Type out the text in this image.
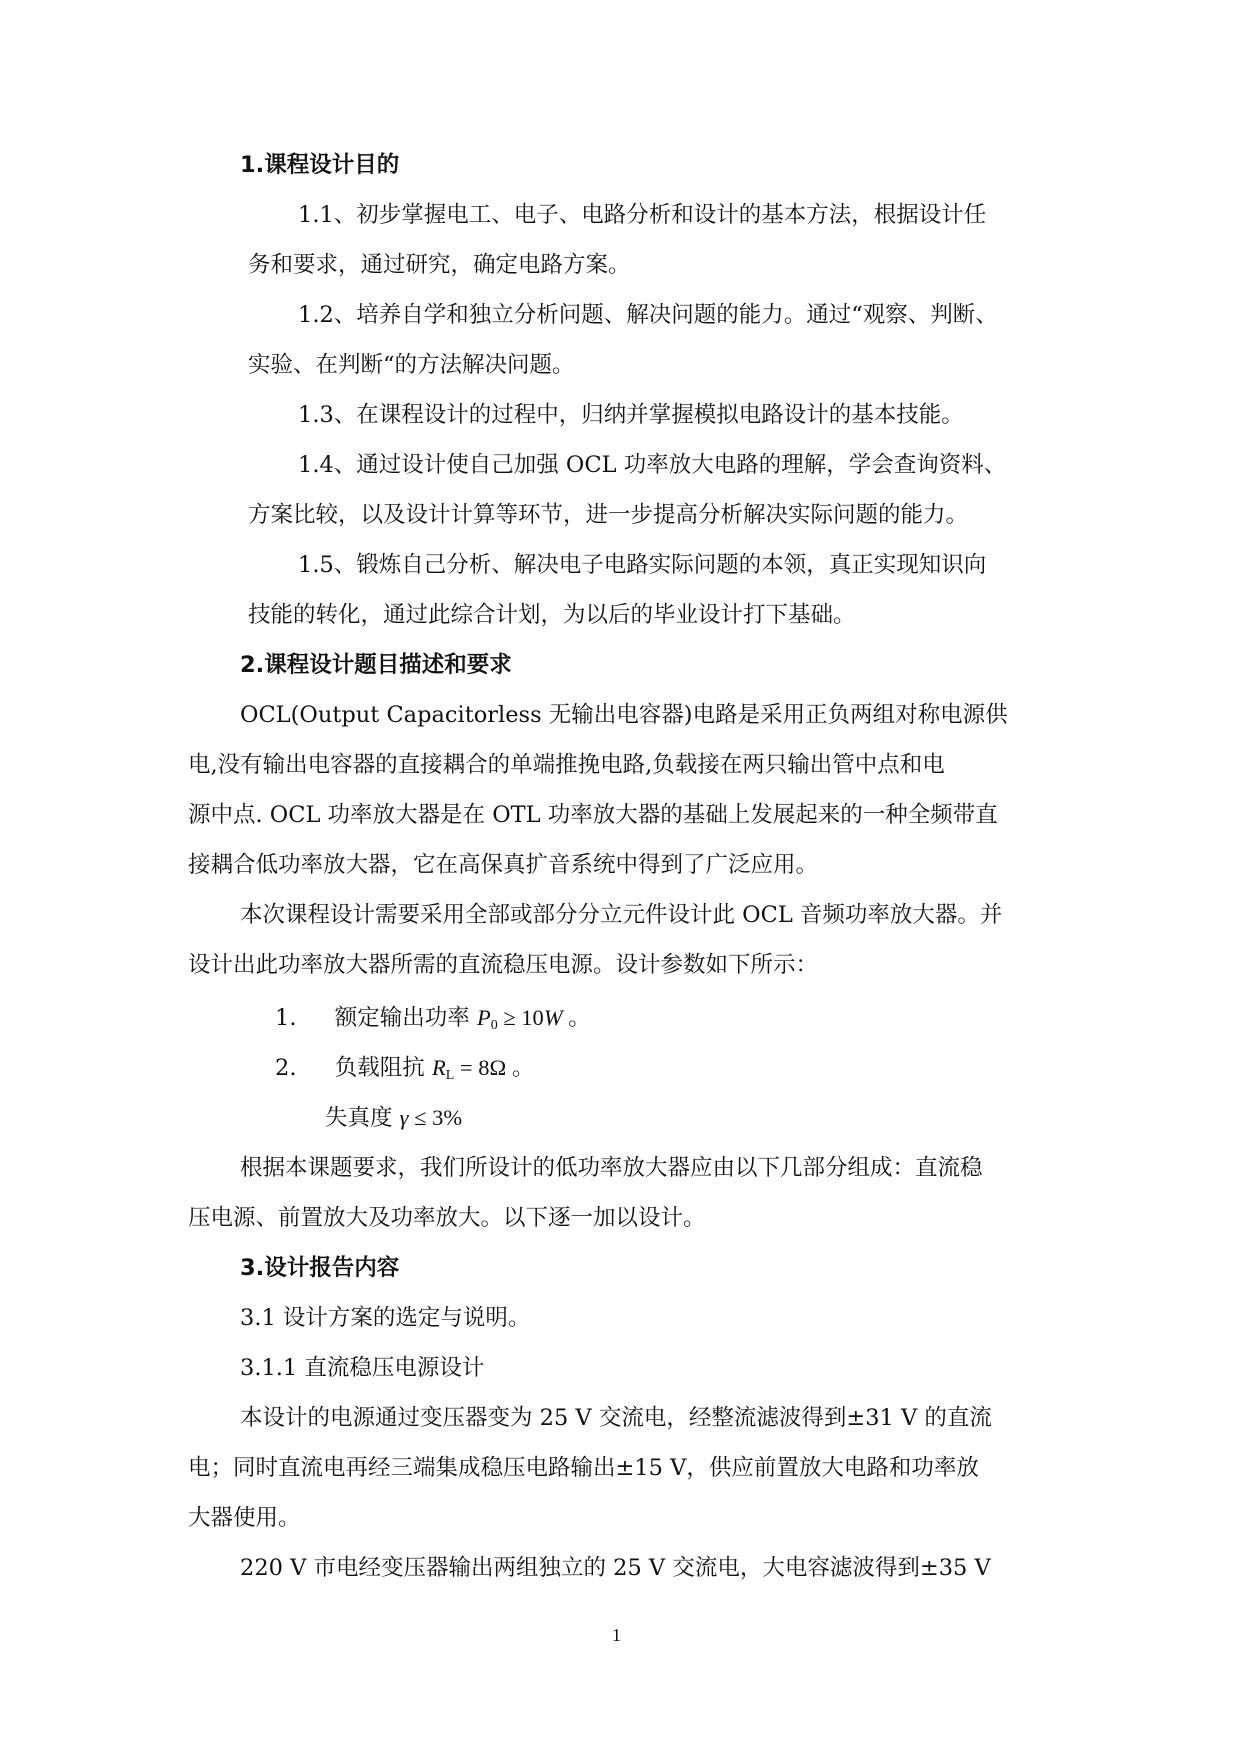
1.课程设计目的
1.1、初步掌握电工、电子、电路分析和设计的基本方法，根据设计任
务和要求，通过研究，确定电路方案。
1.2、培养自学和独立分析问题、解决问题的能力。通过“观察、判断、
实验、在判断“的方法解决问题。
1.3、在课程设计的过程中，归纳并掌握模拟电路设计的基本技能。
1.4、通过设计使自己加强 OCL 功率放大电路的理解，学会查询资料、
方案比较，以及设计计算等环节，进一步提高分析解决实际问题的能力。
1.5、锻炼自己分析、解决电子电路实际问题的本领，真正实现知识向
技能的转化，通过此综合计划，为以后的毕业设计打下基础。
2.课程设计题目描述和要求
OCL(Output Capacitorless 无输出电容器)电路是采用正负两组对称电源供
电,没有输出电容器的直接耦合的单端推挽电路,负载接在两只输出管中点和电
源中点. OCL 功率放大器是在 OTL 功率放大器的基础上发展起来的一种全频带直
接耦合低功率放大器，它在高保真扩音系统中得到了广泛应用。
本次课程设计需要采用全部或部分分立元件设计此 OCL 音频功率放大器。并
设计出此功率放大器所需的直流稳压电源。设计参数如下所示：
1. 额定输出功率 $P_0 \ge 10W$ 。
2. 负载阻抗 $R_L = 8\Omega$ 。
失真度 γ ≤ 3%
根据本课题要求，我们所设计的低功率放大器应由以下几部分组成：直流稳
压电源、前置放大及功率放大。以下逐一加以设计。
3.设计报告内容
3.1 设计方案的选定与说明。
3.1.1 直流稳压电源设计
本设计的电源通过变压器变为 25 V 交流电，经整流滤波得到±31 V 的直流
电；同时直流电再经三端集成稳压电路输出±15 V，供应前置放大电路和功率放
大器使用。
220 V 市电经变压器输出两组独立的 25 V 交流电，大电容滤波得到±35 V
1
